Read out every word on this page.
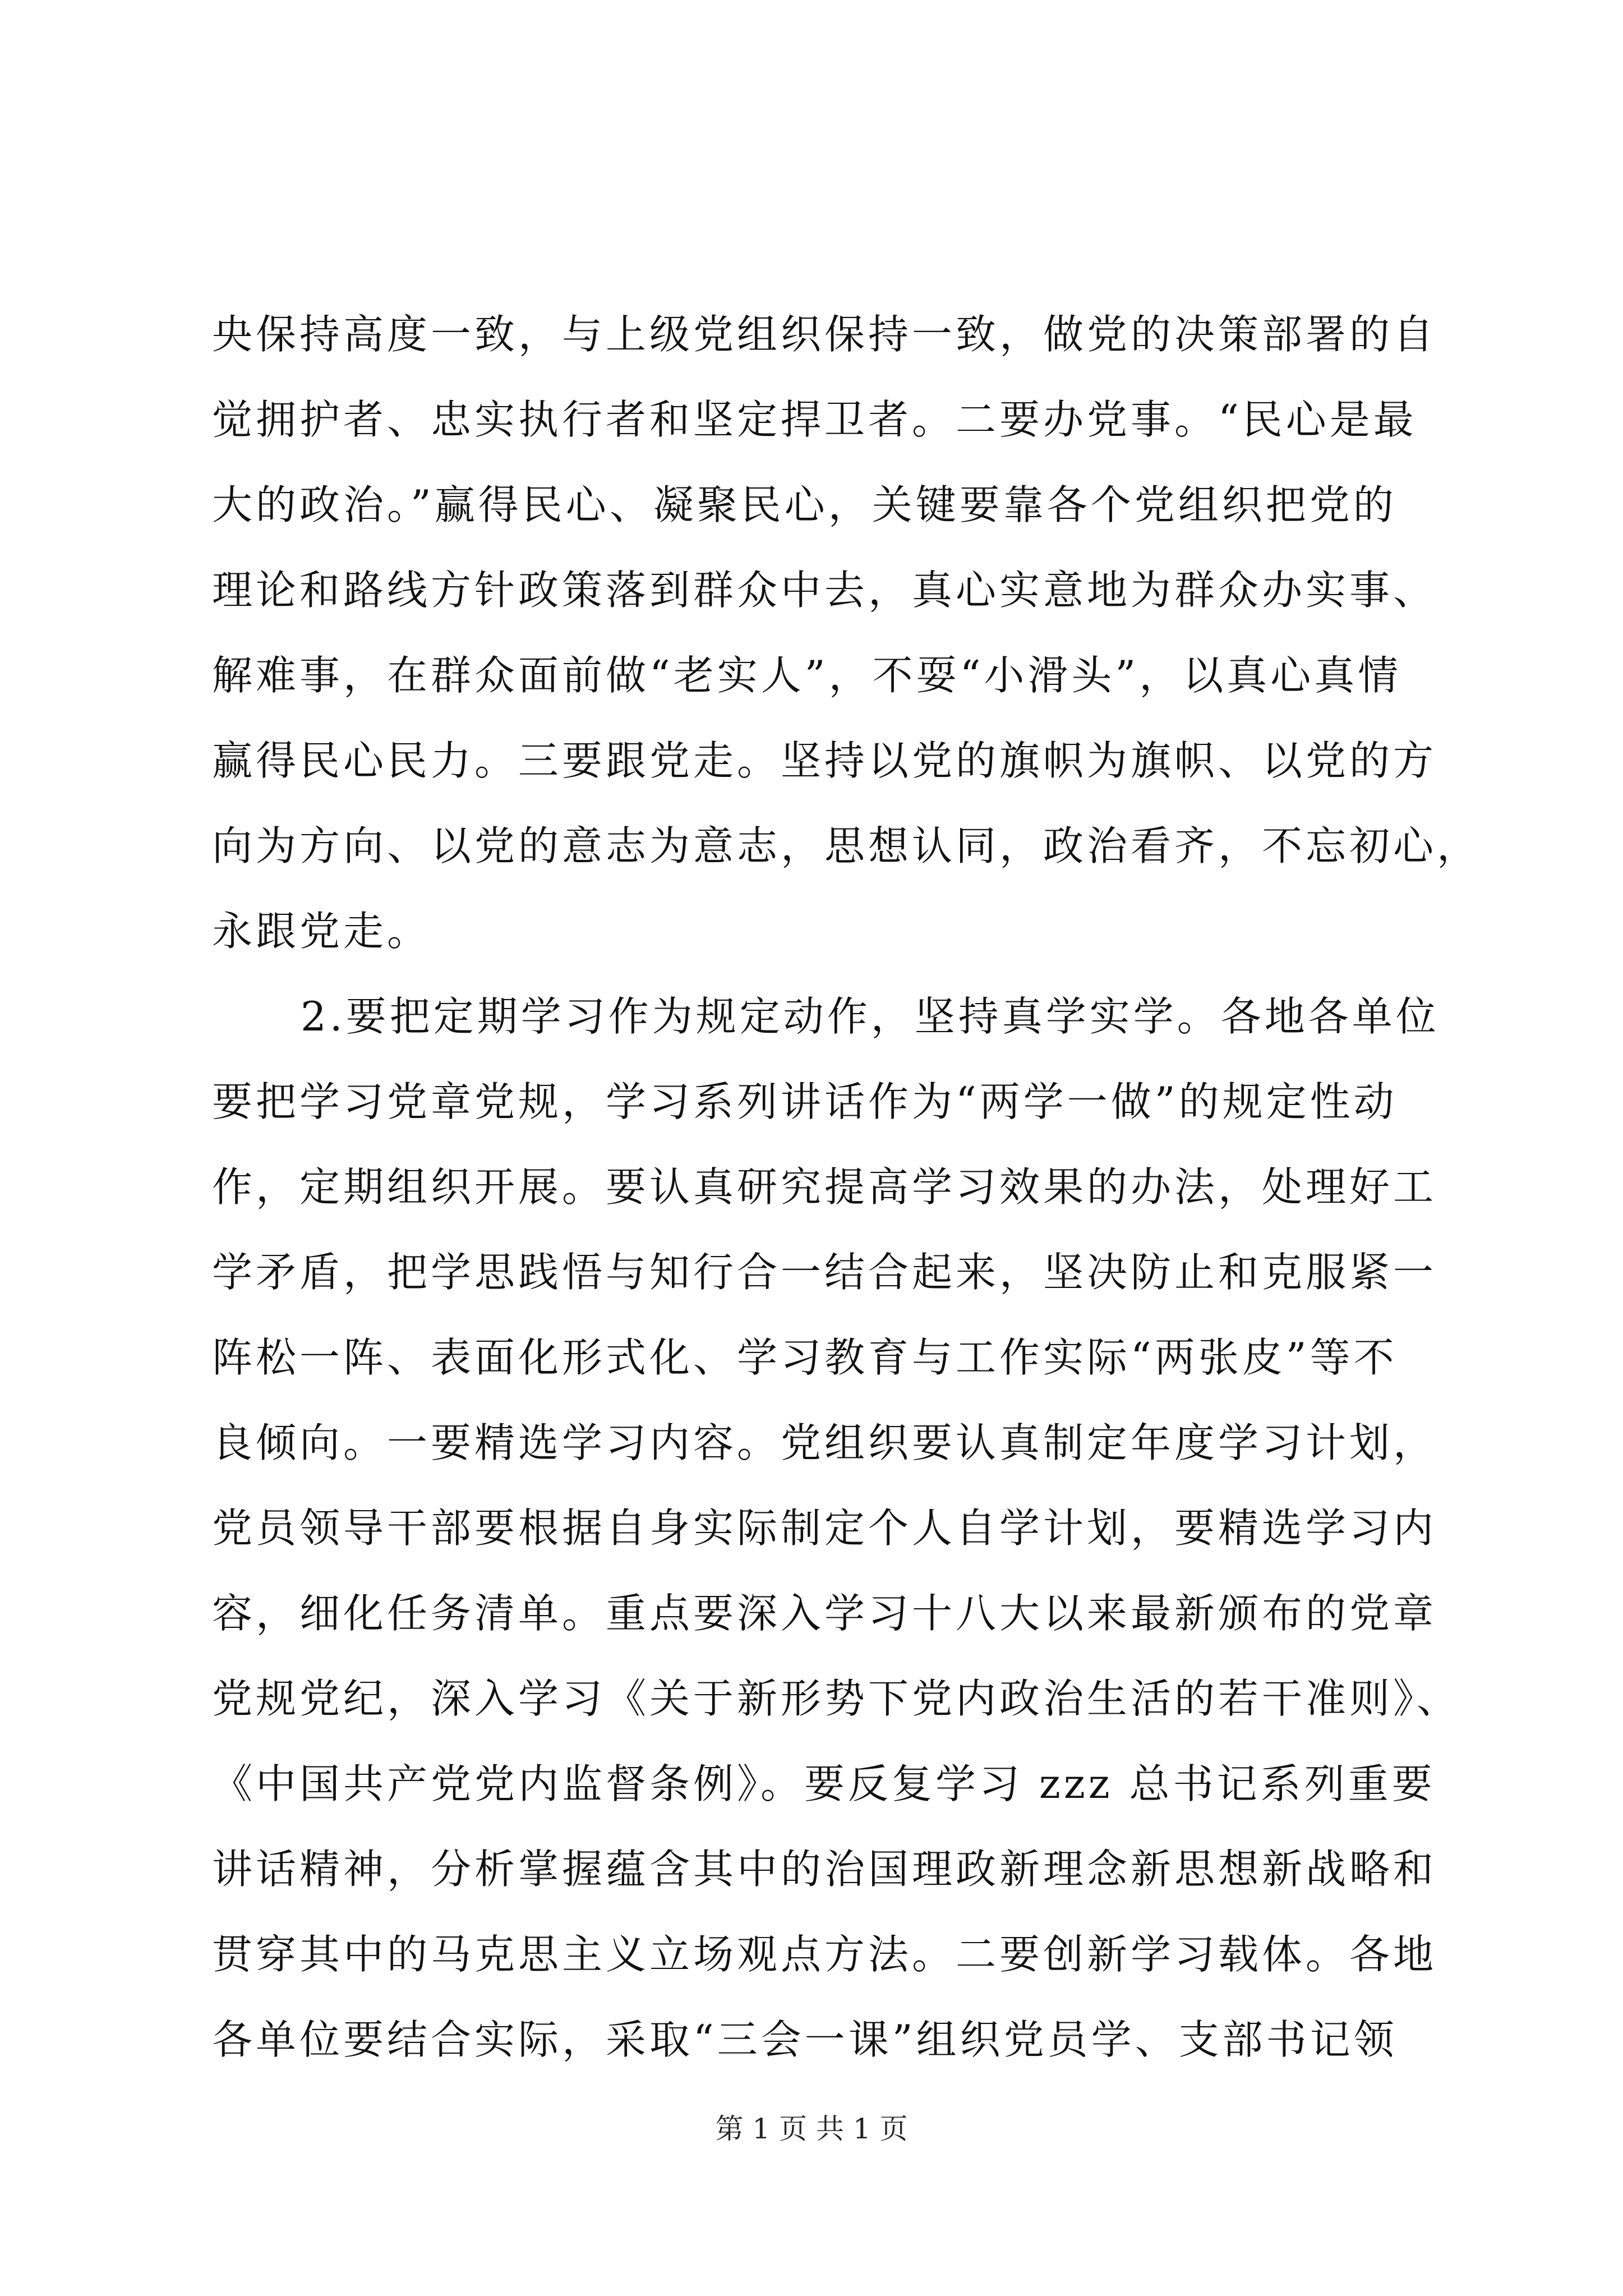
央保持高度一致，与上级党组织保持一致，做党的决策部署的自
觉拥护者、忠实执行者和坚定捍卫者。二要办党事。“民心是最
大的政治。”赢得民心、凝聚民心，关键要靠各个党组织把党的
理论和路线方针政策落到群众中去，真心实意地为群众办实事、
解难事，在群众面前做“老实人”，不耍“小滑头”，以真心真情
赢得民心民力。三要跟党走。坚持以党的旗帜为旗帜、以党的方
向为方向、以党的意志为意志，思想认同，政治看齐，不忘初心，
永跟党走。
2.要把定期学习作为规定动作，坚持真学实学。各地各单位
要把学习党章党规，学习系列讲话作为“两学一做”的规定性动
作，定期组织开展。要认真研究提高学习效果的办法，处理好工
学矛盾，把学思践悟与知行合一结合起来，坚决防止和克服紧一
阵松一阵、表面化形式化、学习教育与工作实际“两张皮”等不
良倾向。一要精选学习内容。党组织要认真制定年度学习计划，
党员领导干部要根据自身实际制定个人自学计划，要精选学习内
容，细化任务清单。重点要深入学习十八大以来最新颁布的党章
党规党纪，深入学习《关于新形势下党内政治生活的若干准则》、
《中国共产党党内监督条例》。要反复学习 zzz 总书记系列重要
讲话精神，分析掌握蕴含其中的治国理政新理念新思想新战略和
贯穿其中的马克思主义立场观点方法。二要创新学习载体。各地
各单位要结合实际，采取“三会一课”组织党员学、支部书记领
第 1 页 共 1 页
